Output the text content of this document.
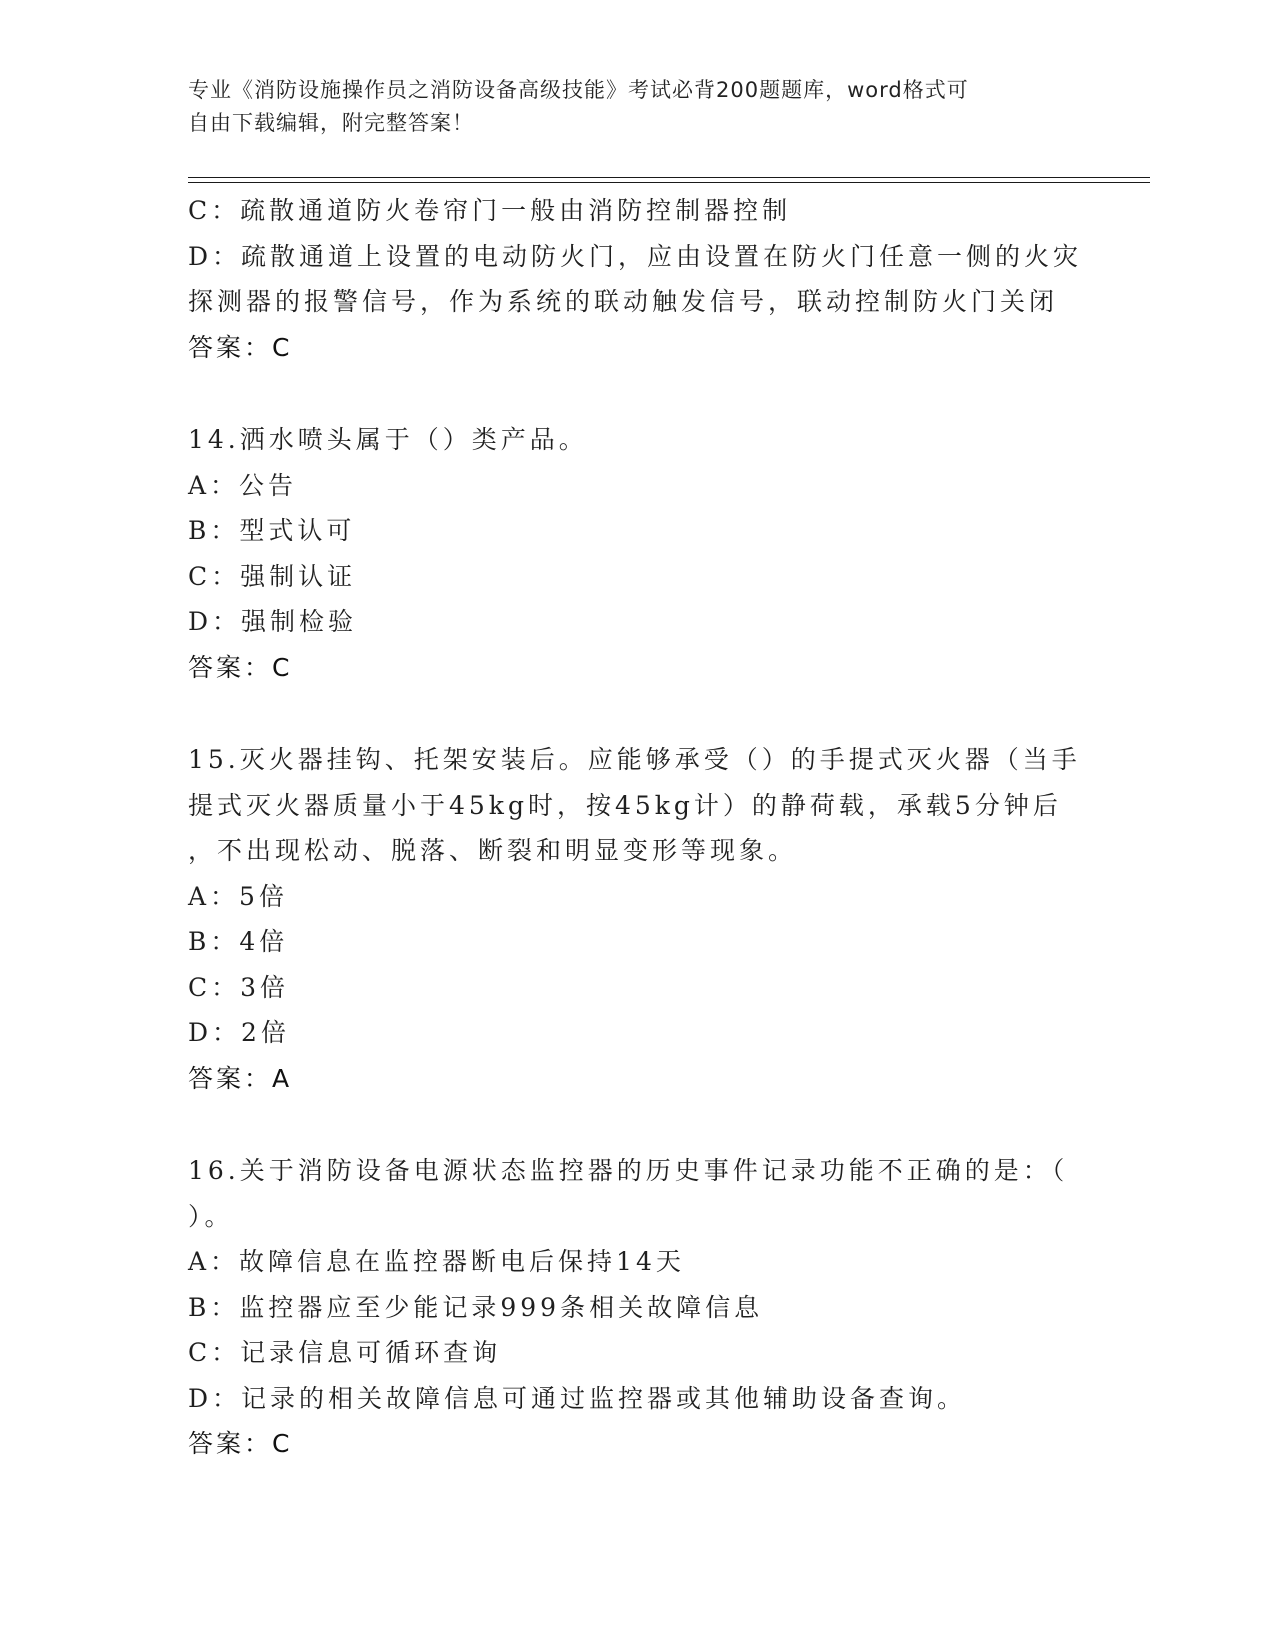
专业《消防设施操作员之消防设备高级技能》考试必背200题题库，word格式可
自由下载编辑，附完整答案！
C：疏散通道防火卷帘门一般由消防控制器控制
D：疏散通道上设置的电动防火门，应由设置在防火门任意一侧的火灾
探测器的报警信号，作为系统的联动触发信号，联动控制防火门关闭
答案：C
14.洒水喷头属于（）类产品。
A：公告
B：型式认可
C：强制认证
D：强制检验
答案：C
15.灭火器挂钩、托架安装后。应能够承受（）的手提式灭火器（当手
提式灭火器质量小于45kg时，按45kg计）的静荷载，承载5分钟后
，不出现松动、脱落、断裂和明显变形等现象。
A：5倍
B：4倍
C：3倍
D：2倍
答案：A
16.关于消防设备电源状态监控器的历史事件记录功能不正确的是：（
）。
A：故障信息在监控器断电后保持14天
B：监控器应至少能记录999条相关故障信息
C：记录信息可循环查询
D：记录的相关故障信息可通过监控器或其他辅助设备查询。
答案：C
